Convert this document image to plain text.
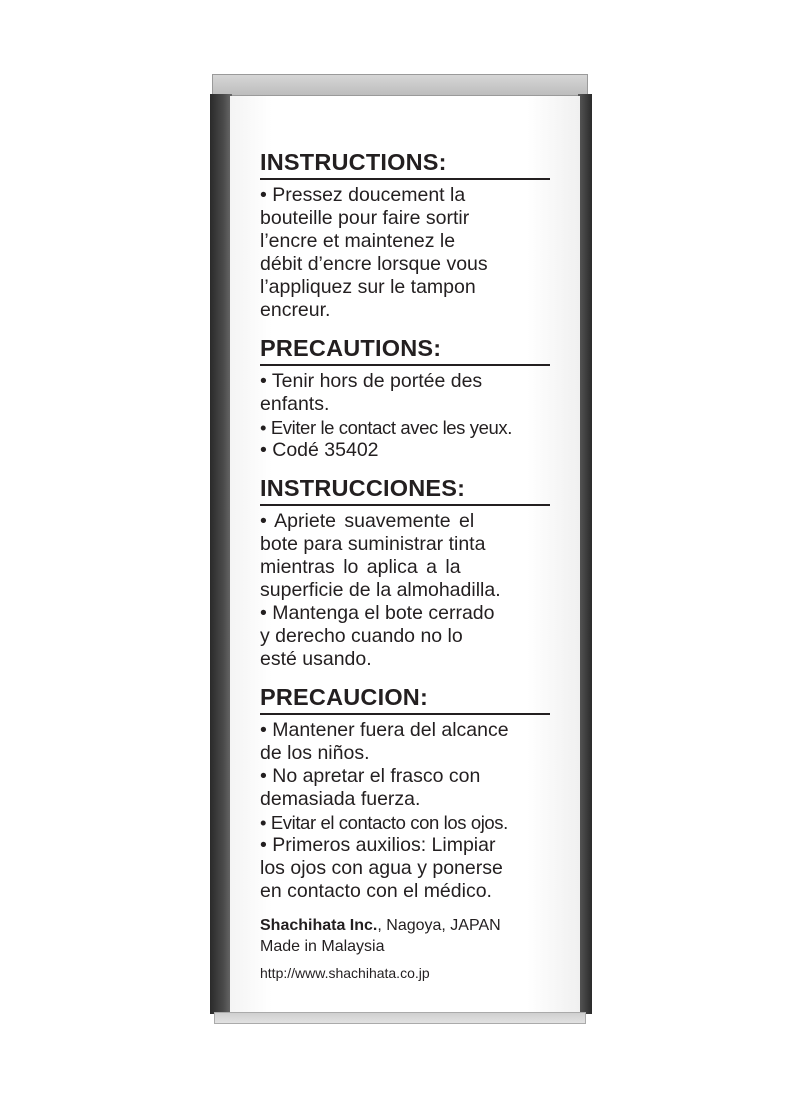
INSTRUCTIONS:
• Pressez doucement la
bouteille pour faire sortir
l’encre et maintenez le
débit d’encre lorsque vous
l’appliquez sur le tampon
encreur.
PRECAUTIONS:
• Tenir hors de portée des
enfants.
• Eviter le contact avec les yeux.
• Codé 35402
INSTRUCCIONES:
• Apriete suavemente el
bote para suministrar tinta
mientras lo aplica a la
superficie de la almohadilla.
• Mantenga el bote cerrado
y derecho cuando no lo
esté usando.
PRECAUCION:
• Mantener fuera del alcance
de los niños.
• No apretar el frasco con
demasiada fuerza.
• Evitar el contacto con los ojos.
• Primeros auxilios: Limpiar
los ojos con agua y ponerse
en contacto con el médico.
Shachihata Inc., Nagoya, JAPAN
Made in Malaysia
http://www.shachihata.co.jp
